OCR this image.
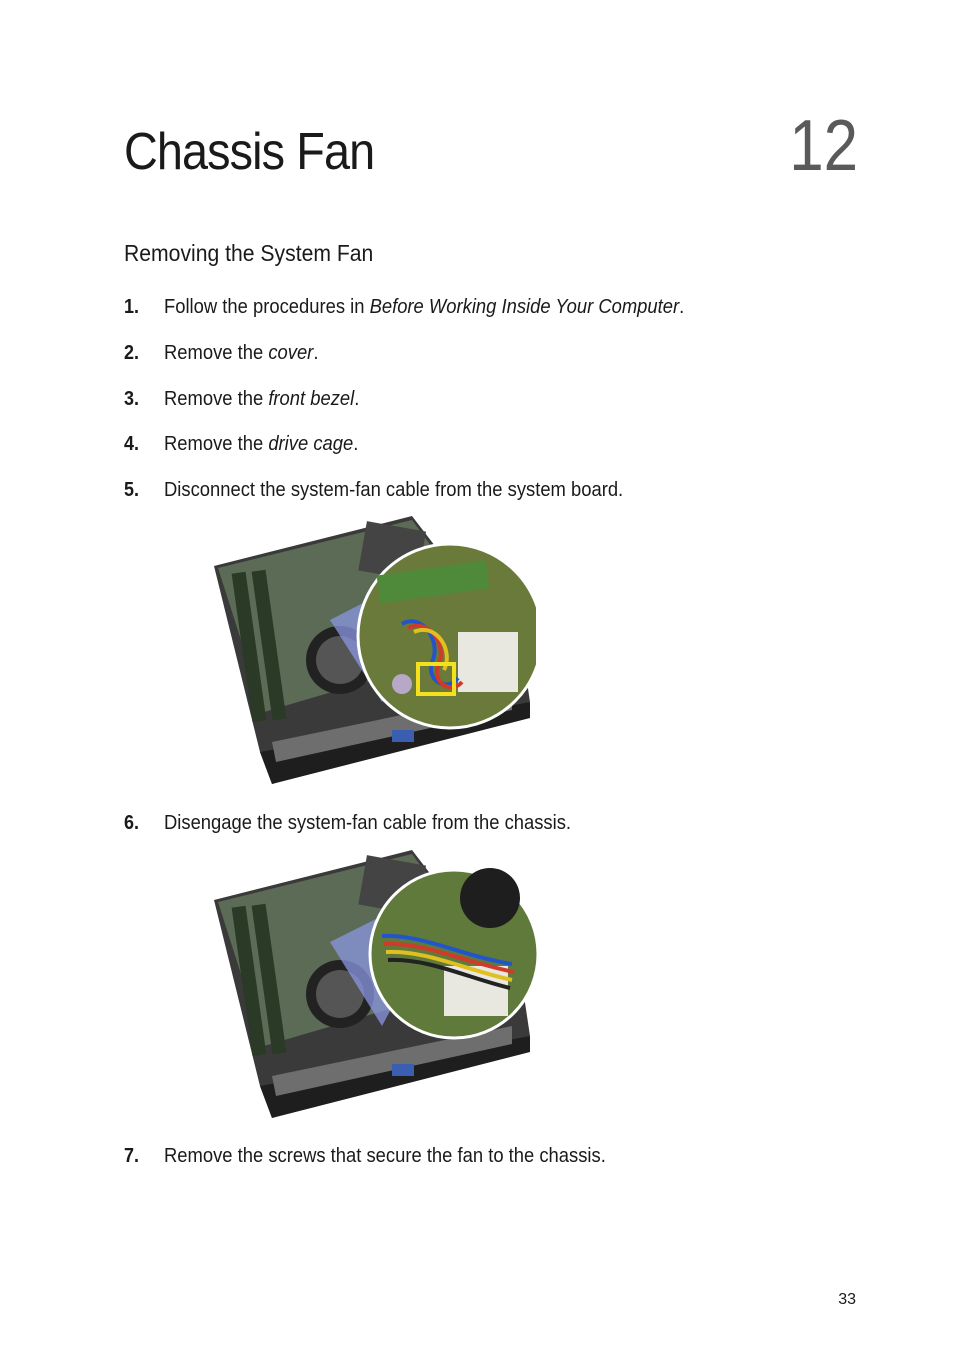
Chassis Fan	12
Removing the System Fan
1. Follow the procedures in Before Working Inside Your Computer.
2. Remove the cover.
3. Remove the front bezel.
4. Remove the drive cage.
5. Disconnect the system-fan cable from the system board.
6. Disengage the system-fan cable from the chassis.
7. Remove the screws that secure the fan to the chassis.
33
